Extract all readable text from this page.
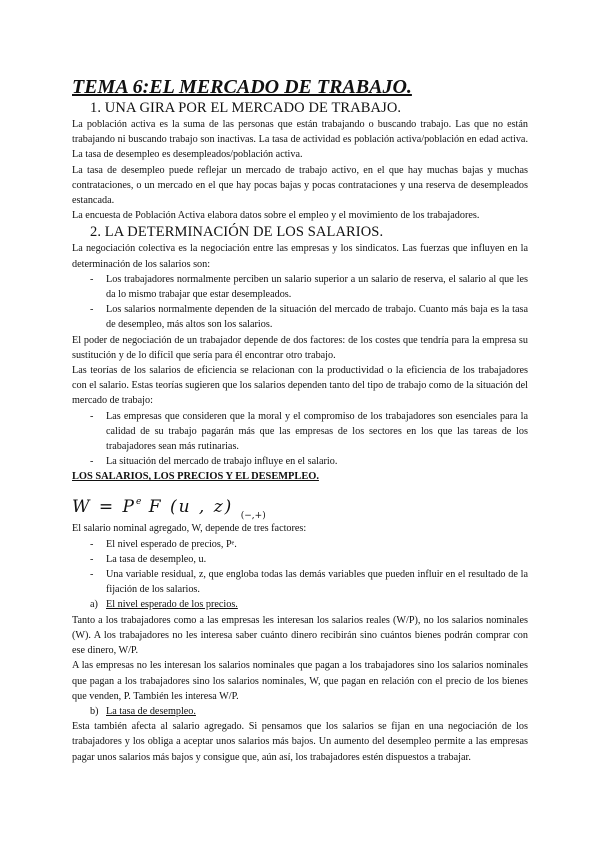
TEMA 6:EL MERCADO DE TRABAJO.
1. UNA GIRA POR EL MERCADO DE TRABAJO.

La población activa es la suma de las personas que están trabajando o buscando trabajo. Las que no están trabajando ni buscando trabajo son inactivas. La tasa de actividad es población activa/población en edad activa. La tasa de desempleo es desempleados/población activa.

La tasa de desempleo puede reflejar un mercado de trabajo activo, en el que hay muchas bajas y muchas contrataciones, o un mercado en el que hay pocas bajas y pocas contrataciones y una reserva de desempleados estancada.

La encuesta de Población Activa elabora datos sobre el empleo y el movimiento de los trabajadores.

2. LA DETERMINACIÓN DE LOS SALARIOS.

La negociación colectiva es la negociación entre las empresas y los sindicatos. Las fuerzas que influyen en la determinación de los salarios son:

- Los trabajadores normalmente perciben un salario superior a un salario de reserva, el salario al que les da lo mismo trabajar que estar desempleados.
- Los salarios normalmente dependen de la situación del mercado de trabajo. Cuanto más baja es la tasa de desempleo, más altos son los salarios.

El poder de negociación de un trabajador depende de dos factores: de los costes que tendría para la empresa su sustitución y de lo difícil que sería para él encontrar otro trabajo.

Las teorías de los salarios de eficiencia se relacionan con la productividad o la eficiencia de los trabajadores con el salario. Estas teorías sugieren que los salarios dependen tanto del tipo de trabajo como de la situación del mercado de trabajo:

- Las empresas que consideren que la moral y el compromiso de los trabajadores son esenciales para la calidad de su trabajo pagarán más que las empresas de los sectores en los que las tareas de los trabajadores sean más rutinarias.
- La situación del mercado de trabajo influye en el salario.
LOS SALARIOS, LOS PRECIOS Y EL DESEMPLEO.
$W = P^e$ F (u , z) $_{(-,+)}$

El salario nominal agregado, W, depende de tres factores:

- El nivel esperado de precios, Pᵉ.
- La tasa de desempleo, u.
- Una variable residual, z, que engloba todas las demás variables que pueden influir en el resultado de la fijación de los salarios.
a) El nivel esperado de los precios.

Tanto a los trabajadores como a las empresas les interesan los salarios reales (W/P), no los salarios nominales (W). A los trabajadores no les interesa saber cuánto dinero recibirán sino cuántos bienes podrán comprar con ese dinero, W/P.

A las empresas no les interesan los salarios nominales que pagan a los trabajadores sino los salarios nominales que pagan a los trabajadores sino los salarios nominales, W, que pagan en relación con el precio de los bienes que venden, P. También les interesa W/P.

b) La tasa de desempleo.

Esta también afecta al salario agregado. Si pensamos que los salarios se fijan en una negociación de los trabajadores y los obliga a aceptar unos salarios más bajos. Un aumento del desempleo permite a las empresas pagar unos salarios más bajos y consigue que, aún así, los trabajadores estén dispuestos a trabajar.
